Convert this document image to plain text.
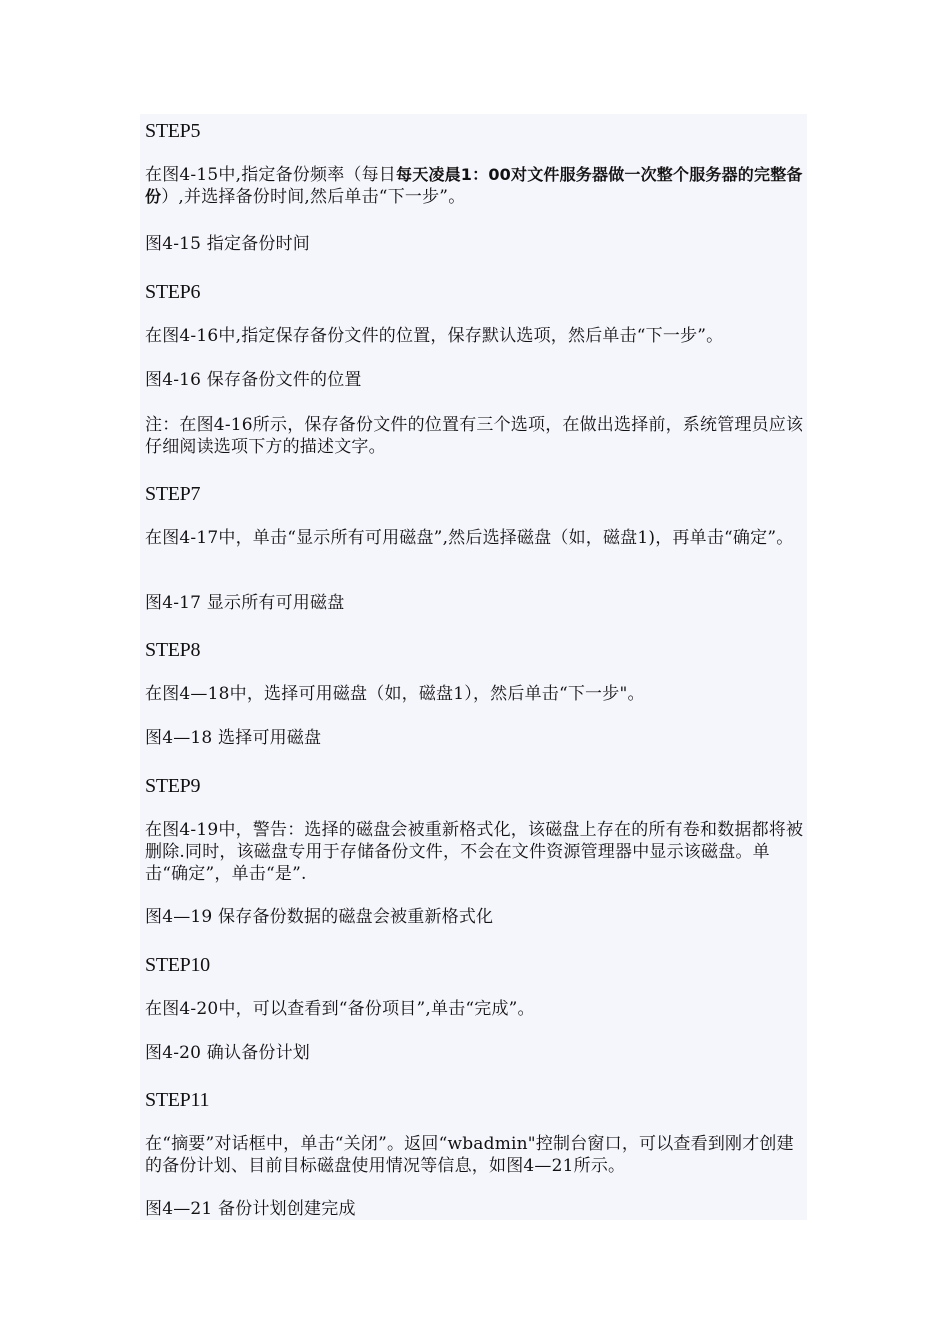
STEP5
在图4-15中,指定备份频率（每日每天凌晨1：00对文件服务器做一次整个服务器的完整备份）,并选择备份时间,然后单击“下一步”。
图4-15 指定备份时间
STEP6
在图4-16中,指定保存备份文件的位置，保存默认选项，然后单击“下一步”。
图4-16 保存备份文件的位置
注：在图4-16所示，保存备份文件的位置有三个选项，在做出选择前，系统管理员应该仔细阅读选项下方的描述文字。
STEP7
在图4-17中，单击“显示所有可用磁盘”,然后选择磁盘（如，磁盘1)，再单击“确定”。
图4-17 显示所有可用磁盘
STEP8
在图4—18中，选择可用磁盘（如，磁盘1），然后单击“下一步"。
图4—18 选择可用磁盘
STEP9
在图4-19中，警告：选择的磁盘会被重新格式化，该磁盘上存在的所有卷和数据都将被删除.同时，该磁盘专用于存储备份文件，不会在文件资源管理器中显示该磁盘。单击“确定”，单击“是”.
图4—19 保存备份数据的磁盘会被重新格式化
STEP10
在图4-20中，可以查看到“备份项目”,单击“完成”。
图4-20 确认备份计划
STEP11
在“摘要”对话框中，单击“关闭”。返回“wbadmin"控制台窗口，可以查看到刚才创建的备份计划、目前目标磁盘使用情况等信息，如图4—21所示。
图4—21 备份计划创建完成
